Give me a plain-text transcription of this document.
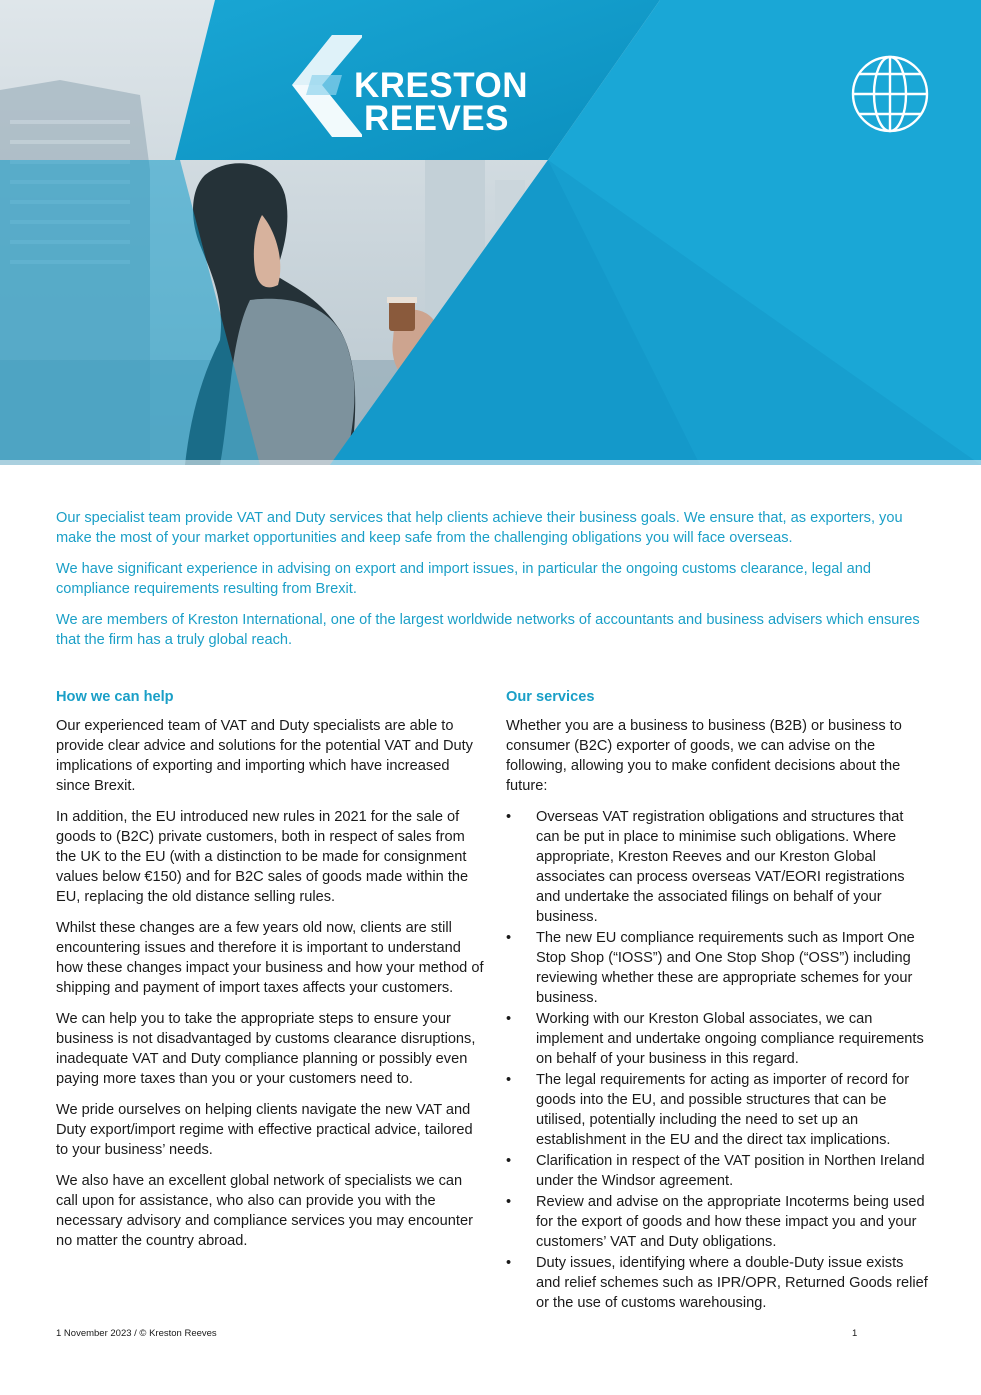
KRESTON
REEVES

Our specialist team provide VAT and Duty services that help clients achieve their business goals. We ensure that, as exporters, you make the most of your market opportunities and keep safe from the challenging obligations you will face overseas.

We have significant experience in advising on export and import issues, in particular the ongoing customs clearance, legal and compliance requirements resulting from Brexit.

We are members of Kreston International, one of the largest worldwide networks of accountants and business advisers which ensures that the firm has a truly global reach.

How we can help

Our experienced team of VAT and Duty specialists are able to provide clear advice and solutions for the potential VAT and Duty implications of exporting and importing which have increased since Brexit.

In addition, the EU introduced new rules in 2021 for the sale of goods to (B2C) private customers, both in respect of sales from the UK to the EU (with a distinction to be made for consignment values below €150) and for B2C sales of goods made within the EU, replacing the old distance selling rules.

Whilst these changes are a few years old now, clients are still encountering issues and therefore it is important to understand how these changes impact your business and how your method of shipping and payment of import taxes affects your customers.

We can help you to take the appropriate steps to ensure your business is not disadvantaged by customs clearance disruptions, inadequate VAT and Duty compliance planning or possibly even paying more taxes than you or your customers need to.

We pride ourselves on helping clients navigate the new VAT and Duty export/import regime with effective practical advice, tailored to your business’ needs.

We also have an excellent global network of specialists we can call upon for assistance, who also can provide you with the necessary advisory and compliance services you may encounter no matter the country abroad.

Our services

Whether you are a business to business (B2B) or business to consumer (B2C) exporter of goods, we can advise on the following, allowing you to make confident decisions about the future:

• Overseas VAT registration obligations and structures that can be put in place to minimise such obligations. Where appropriate, Kreston Reeves and our Kreston Global associates can process overseas VAT/EORI registrations and undertake the associated filings on behalf of your business.
• The new EU compliance requirements such as Import One Stop Shop (“IOSS”) and One Stop Shop (“OSS”) including reviewing whether these are appropriate schemes for your business.
• Working with our Kreston Global associates, we can implement and undertake ongoing compliance requirements on behalf of your business in this regard.
• The legal requirements for acting as importer of record for goods into the EU, and possible structures that can be utilised, potentially including the need to set up an establishment in the EU and the direct tax implications.
• Clarification in respect of the VAT position in Northen Ireland under the Windsor agreement.
• Review and advise on the appropriate Incoterms being used for the export of goods and how these impact you and your customers’ VAT and Duty obligations.
• Duty issues, identifying where a double-Duty issue exists and relief schemes such as IPR/OPR, Returned Goods relief or the use of customs warehousing.
1 November 2023 / © Kreston Reeves	1
